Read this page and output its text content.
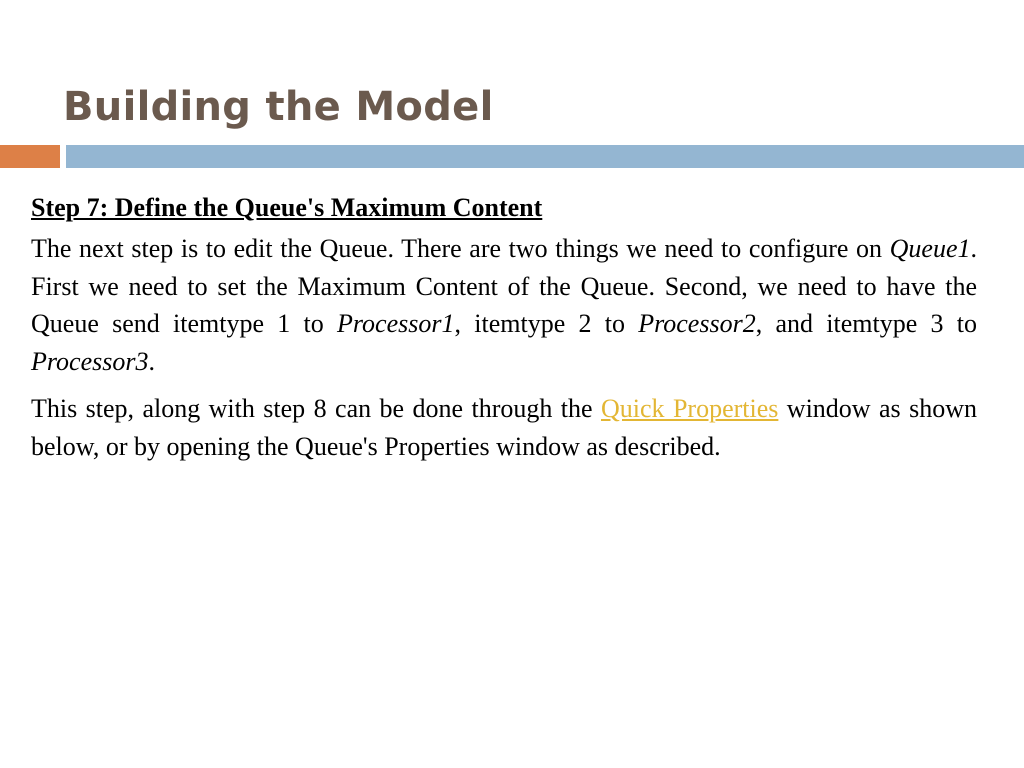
Building the Model

Step 7: Define the Queue's Maximum Content

The next step is to edit the Queue. There are two things we need to configure on Queue1. First we need to set the Maximum Content of the Queue. Second, we need to have the Queue send itemtype 1 to Processor1, itemtype 2 to Processor2, and itemtype 3 to Processor3.

This step, along with step 8 can be done through the Quick Properties window as shown below, or by opening the Queue's Properties window as described.
